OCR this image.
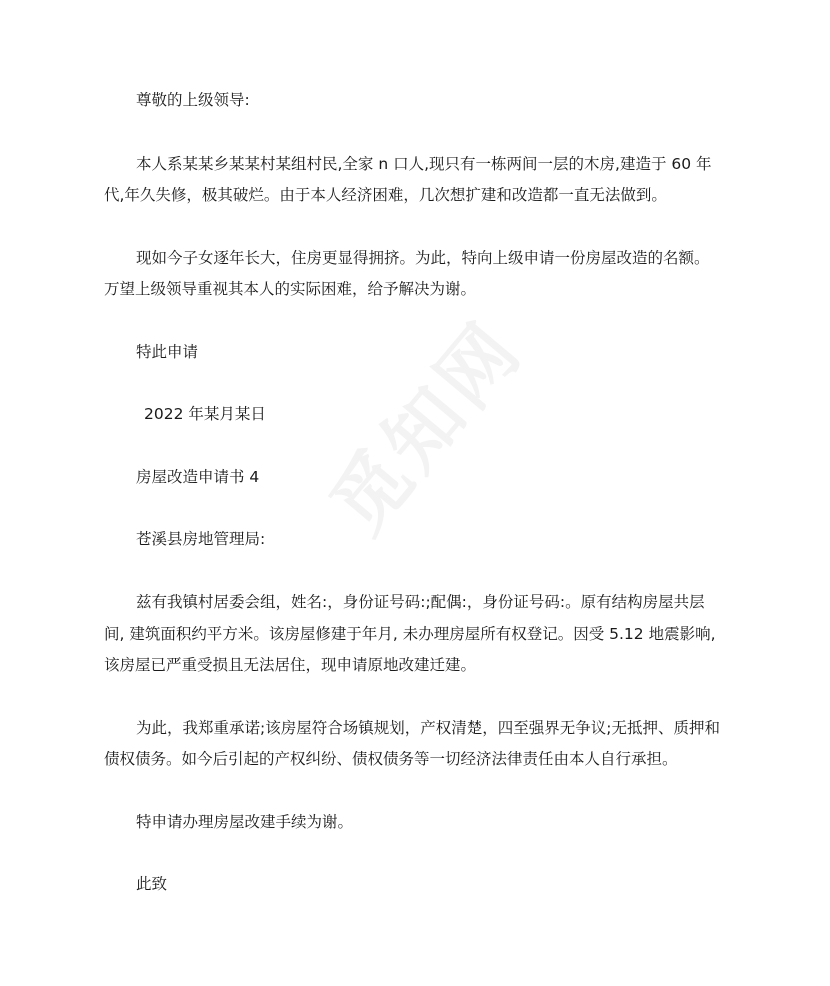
尊敬的上级领导:

本人系某某乡某某村某组村民,全家 n 口人,现只有一栋两间一层的木房,建造于 60 年

代,年久失修，极其破烂。由于本人经济困难，几次想扩建和改造都一直无法做到。

现如今子女逐年长大，住房更显得拥挤。为此，特向上级申请一份房屋改造的名额。

万望上级领导重视其本人的实际困难，给予解决为谢。

特此申请

2022 年某月某日

房屋改造申请书 4

苍溪县房地管理局:

兹有我镇村居委会组，姓名:，身份证号码:;配偶:，身份证号码:。原有结构房屋共层

间, 建筑面积约平方米。该房屋修建于年月, 未办理房屋所有权登记。因受 5.12 地震影响,

该房屋已严重受损且无法居住，现申请原地改建迁建。

为此，我郑重承诺;该房屋符合场镇规划，产权清楚，四至强界无争议;无抵押、质押和

债权债务。如今后引起的产权纠纷、债权债务等一切经济法律责任由本人自行承担。

特申请办理房屋改建手续为谢。

此致

觅知网
